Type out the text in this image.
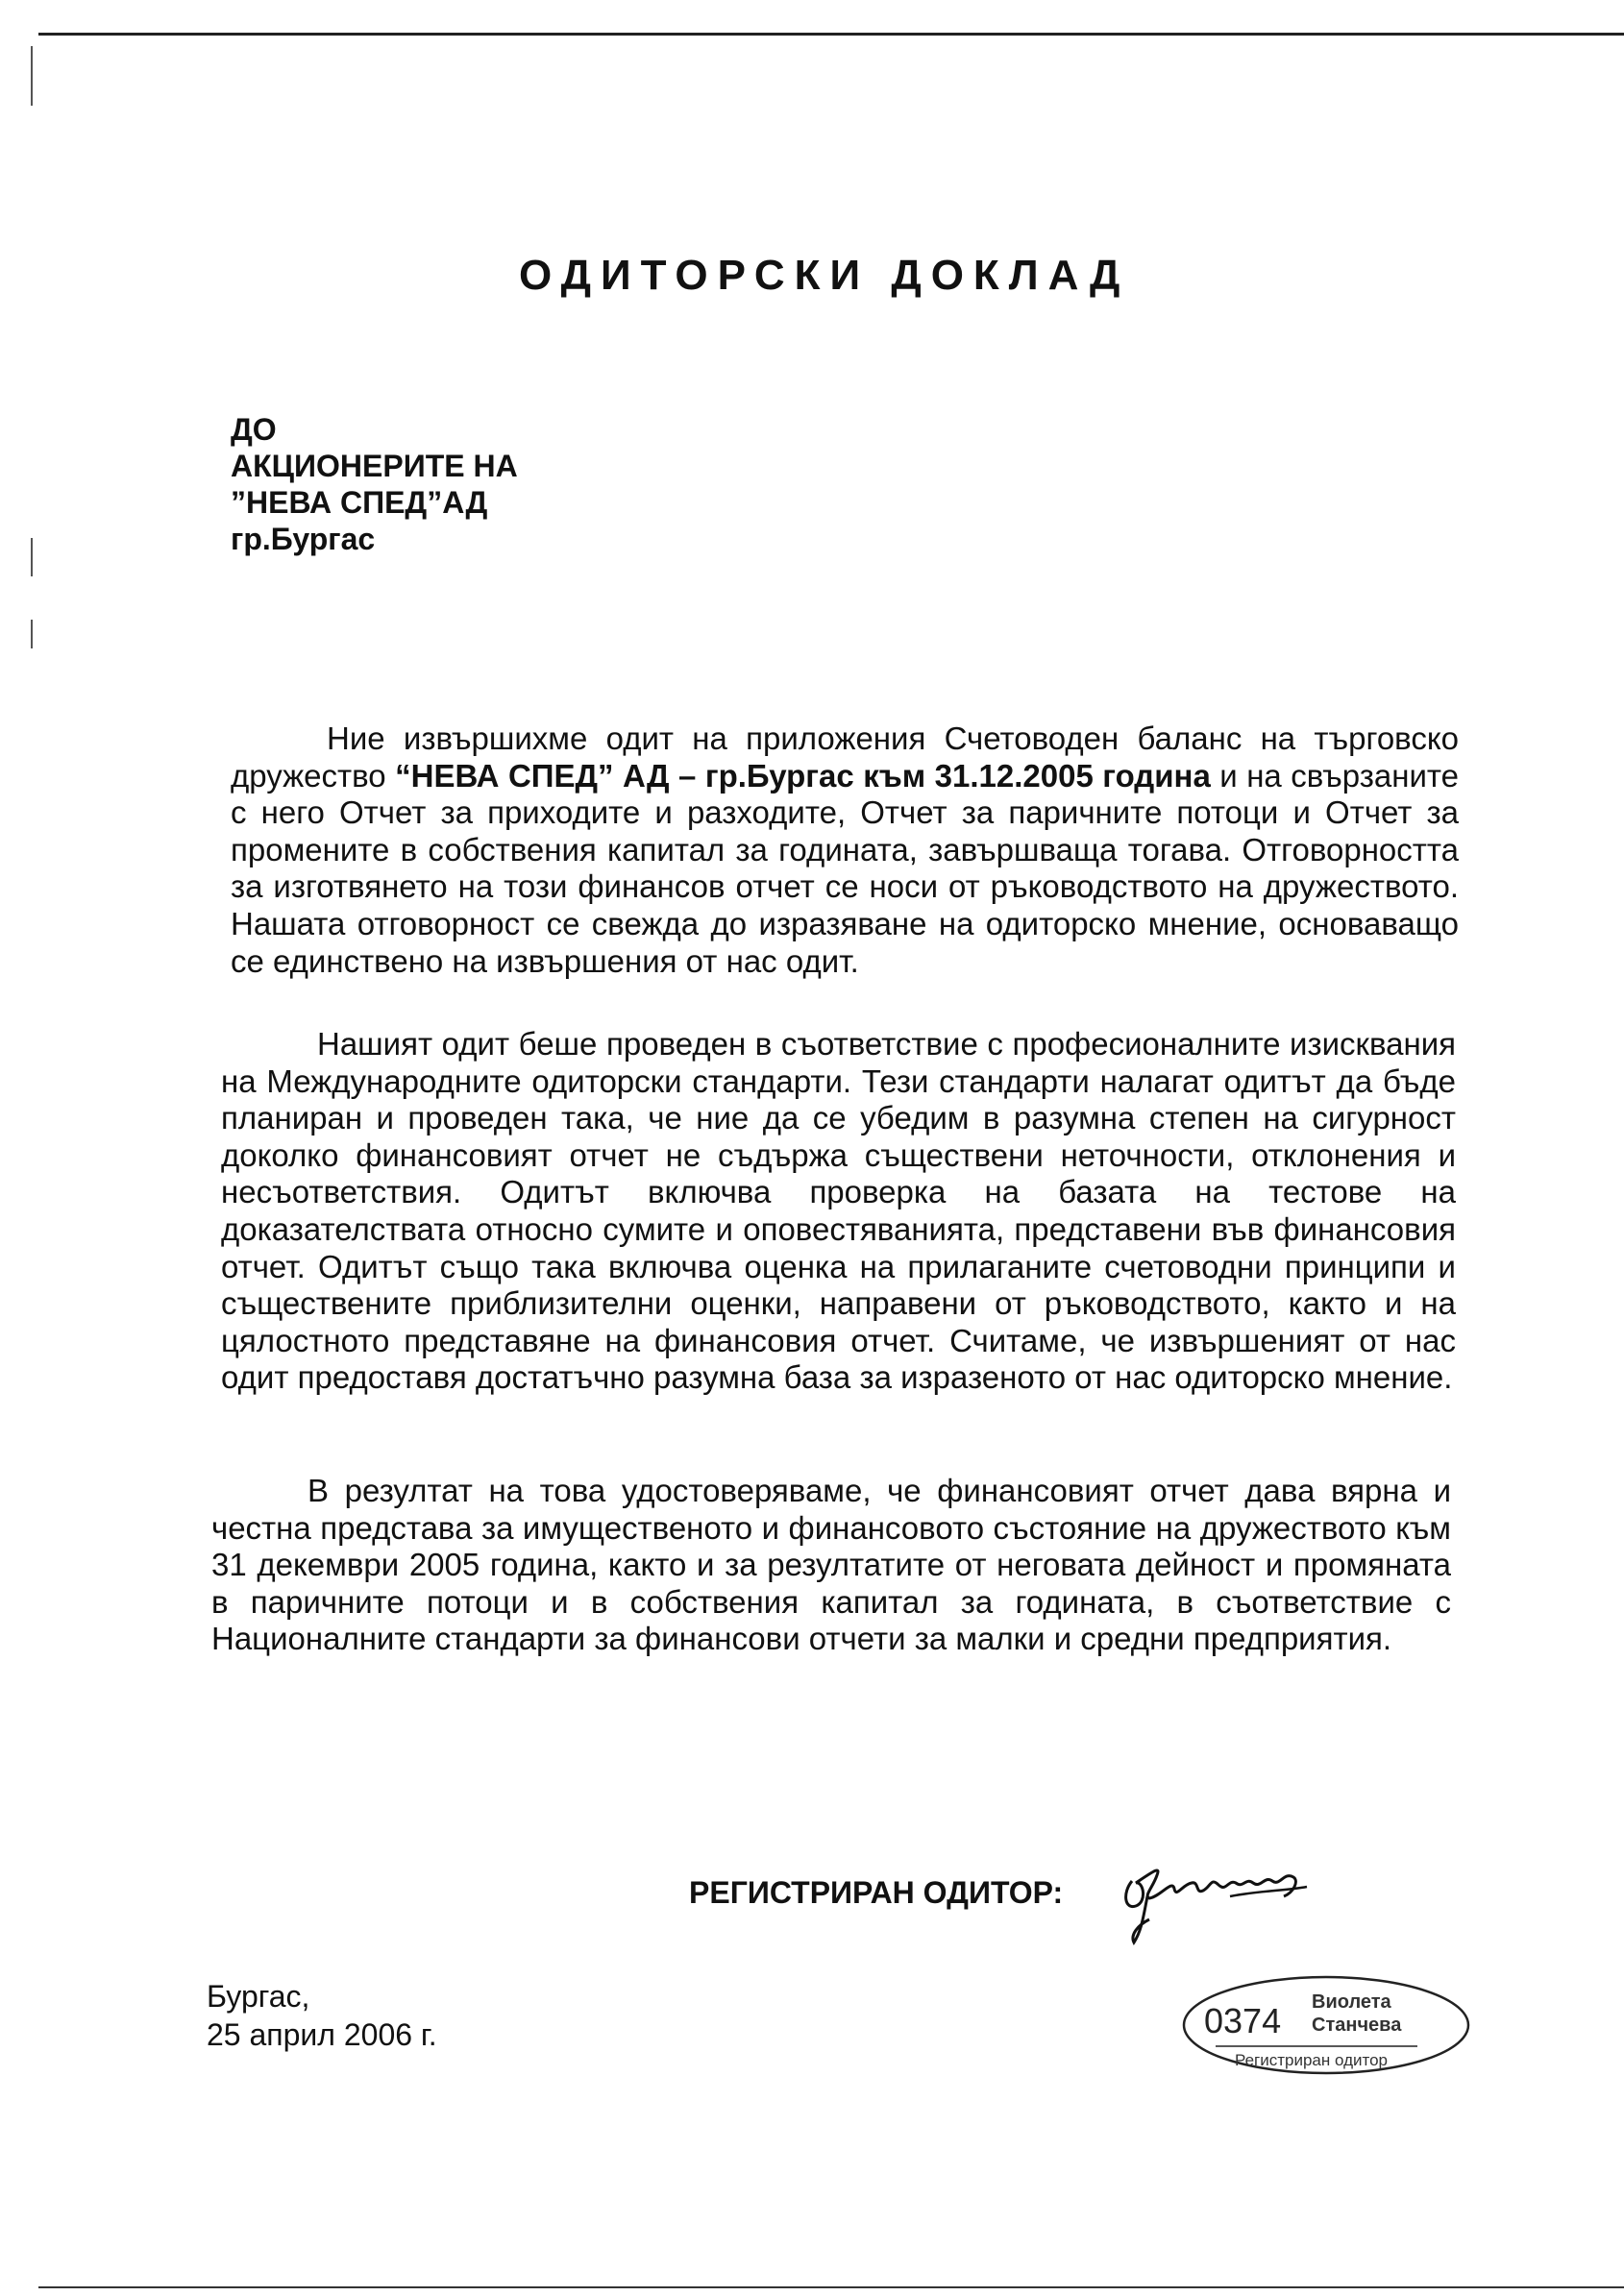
ОДИТОРСКИ ДОКЛАД
ДО
АКЦИОНЕРИТЕ НА
”НЕВА СПЕД”АД
гр.Бургас

Ние извършихме одит на приложения Счетоводен баланс на търговско дружество “НЕВА СПЕД” АД – гр.Бургас към 31.12.2005 година и на свързаните с него Отчет за приходите и разходите, Отчет за паричните потоци и Отчет за промените в собствения капитал за годината, завършваща тогава. Отговорността за изготвянето на този финансов отчет се носи от ръководството на дружеството. Нашата отговорност се свежда до изразяване на одиторско мнение, основаващо се единствено на извършения от нас одит.

Нашият одит беше проведен в съответствие с професионалните изисквания на Международните одиторски стандарти. Тези стандарти налагат одитът да бъде планиран и проведен така, че ние да се убедим в разумна степен на сигурност доколко финансовият отчет не съдържа съществени неточности, отклонения и несъответствия. Одитът включва проверка на базата на тестове на доказателствата относно сумите и оповестяванията, представени във финансовия отчет. Одитът също така включва оценка на прилаганите счетоводни принципи и съществените приблизителни оценки, направени от ръководството, както и на цялостното представяне на финансовия отчет. Считаме, че извършеният от нас одит предоставя достатъчно разумна база за изразеното от нас одиторско мнение.

В резултат на това удостоверяваме, че финансовият отчет дава вярна и честна представа за имущественото и финансовото състояние на дружеството към 31 декември 2005 година, както и за резултатите от неговата дейност и промяната в паричните потоци и в собствения капитал за годината, в съответствие с Националните стандарти за финансови отчети за малки и средни предприятия.

РЕГИСТРИРАН ОДИТОР:
Бургас,
25 април 2006 г.	0374 Виолета
Станчева
Регистриран одитор
